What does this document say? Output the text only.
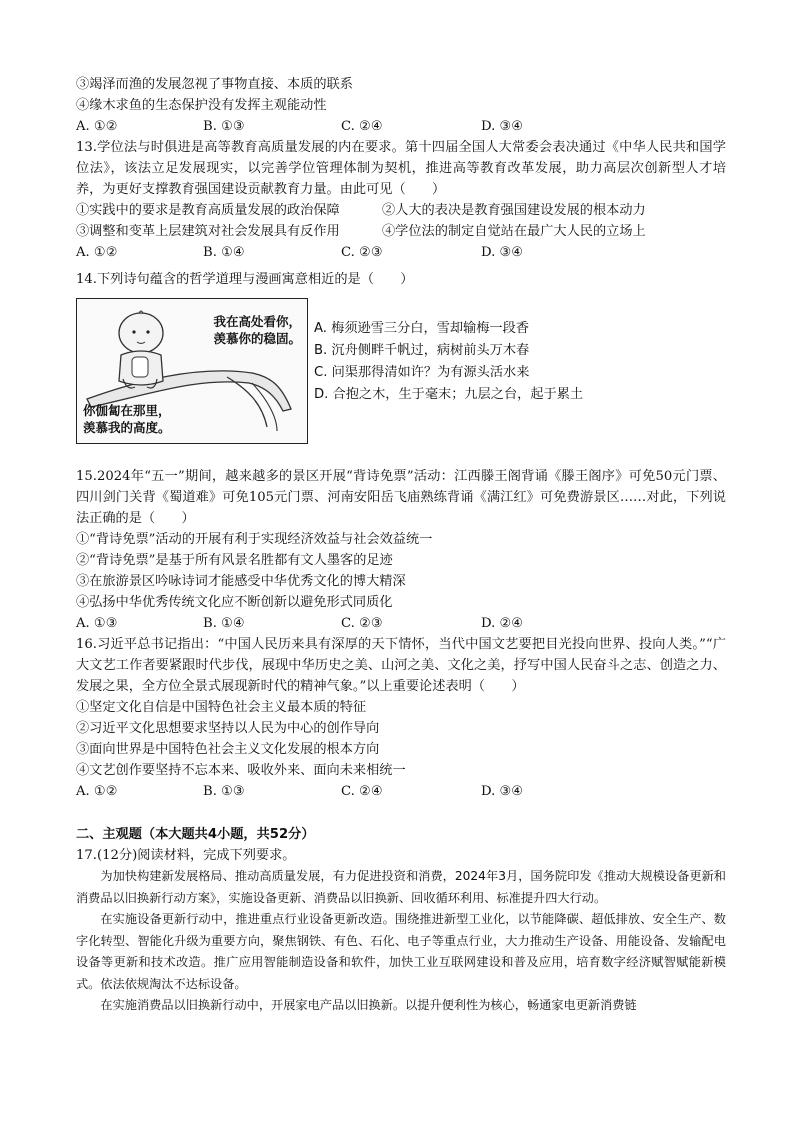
③竭泽而渔的发展忽视了事物直接、本质的联系
④缘木求鱼的生态保护没有发挥主观能动性
A. ①②	B. ①③	C. ②④	D. ③④
13.学位法与时俱进是高等教育高质量发展的内在要求。第十四届全国人大常委会表决通过《中华人民共和国学位法》，该法立足发展现实，以完善学位管理体制为契机，推进高等教育改革发展，助力高层次创新型人才培养，为更好支撑教育强国建设贡献教育力量。由此可见（　　）
①实践中的要求是教育高质量发展的政治保障	②人大的表决是教育强国建设发展的根本动力
③调整和变革上层建筑对社会发展具有反作用	④学位法的制定自觉站在最广大人民的立场上
A. ①②	B. ①④	C. ②③	D. ③④
14.下列诗句蕴含的哲学道理与漫画寓意相近的是（　　）
我在高处看你，
羡慕你的稳固。
你伽匐在那里，
羡慕我的高度。
A. 梅须逊雪三分白，雪却输梅一段香
B. 沉舟侧畔千帆过，病树前头万木春
C. 问渠那得清如许？为有源头活水来
D. 合抱之木，生于毫末；九层之台，起于累土
15.2024年“五一”期间，越来越多的景区开展“背诗免票”活动：江西滕王阁背诵《滕王阁序》可免50元门票、四川剑门关背《蜀道难》可免105元门票、河南安阳岳飞庙熟练背诵《满江红》可免费游景区……对此，下列说法正确的是（　　）
①“背诗免票”活动的开展有利于实现经济效益与社会效益统一
②“背诗免票”是基于所有风景名胜都有文人墨客的足迹
③在旅游景区吟咏诗词才能感受中华优秀文化的博大精深
④弘扬中华优秀传统文化应不断创新以避免形式同质化
A. ①③	B. ①④	C. ②③	D. ②④
16.习近平总书记指出：“中国人民历来具有深厚的天下情怀，当代中国文艺要把目光投向世界、投向人类。”“广大文艺工作者要紧跟时代步伐，展现中华历史之美、山河之美、文化之美，抒写中国人民奋斗之志、创造之力、发展之果，全方位全景式展现新时代的精神气象。”以上重要论述表明（　　）
①坚定文化自信是中国特色社会主义最本质的特征
②习近平文化思想要求坚持以人民为中心的创作导向
③面向世界是中国特色社会主义文化发展的根本方向
④文艺创作要坚持不忘本来、吸收外来、面向未来相统一
A. ①②	B. ①③	C. ②④	D. ③④
二、主观题（本大题共4小题，共52分）
17.(12分)阅读材料，完成下列要求。

为加快构建新发展格局、推动高质量发展，有力促进投资和消费，2024年3月，国务院印发《推动大规模设备更新和消费品以旧换新行动方案》，实施设备更新、消费品以旧换新、回收循环利用、标准提升四大行动。

在实施设备更新行动中，推进重点行业设备更新改造。围绕推进新型工业化，以节能降碳、超低排放、安全生产、数字化转型、智能化升级为重要方向，聚焦钢铁、有色、石化、电子等重点行业，大力推动生产设备、用能设备、发输配电设备等更新和技术改造。推广应用智能制造设备和软件，加快工业互联网建设和普及应用，培育数字经济赋智赋能新模式。依法依规淘汰不达标设备。

在实施消费品以旧换新行动中，开展家电产品以旧换新。以提升便利性为核心，畅通家电更新消费链
